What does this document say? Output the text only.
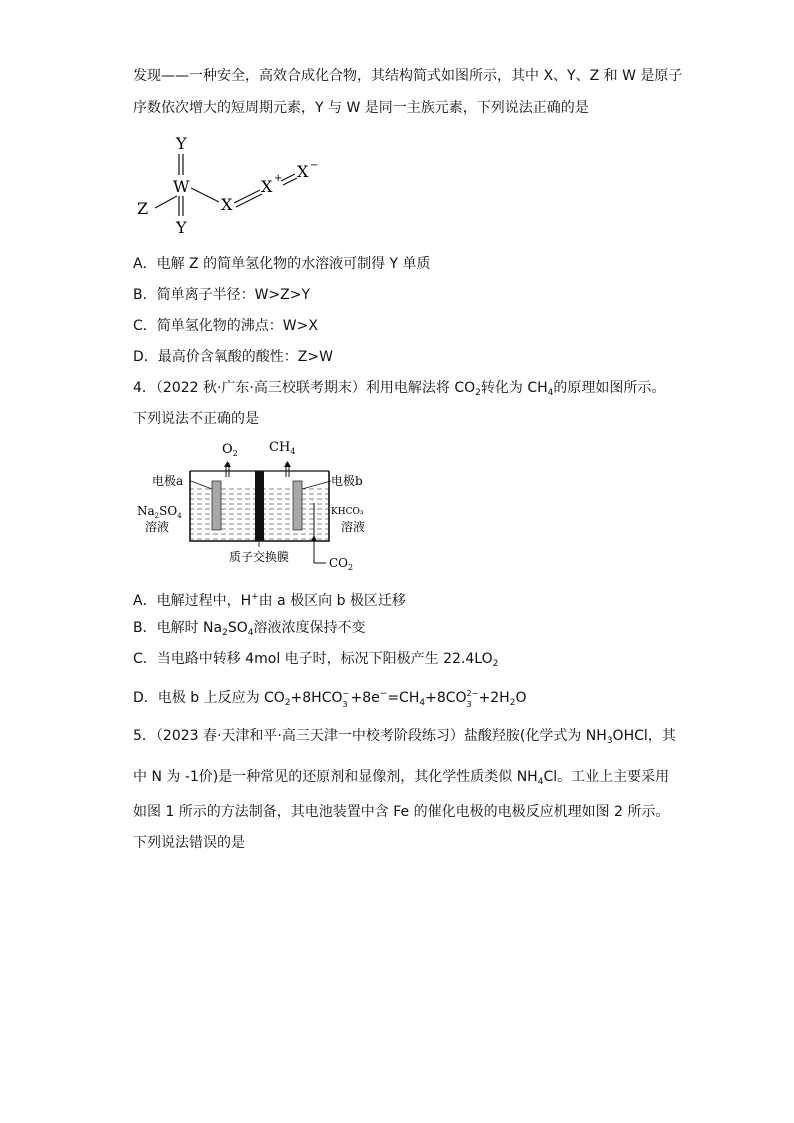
发现——一种安全，高效合成化合物，其结构简式如图所示，其中 X、Y、Z 和 W 是原子
序数依次增大的短周期元素，Y 与 W 是同一主族元素，下列说法正确的是
Y
W
Z
Y
X
X + X −
A．电解 Z 的简单氢化物的水溶液可制得 Y 单质
B．简单离子半径：W>Z>Y
C．简单氢化物的沸点：W>X
D．最高价含氧酸的酸性：Z>W
4．（2022 秋·广东·高三校联考期末）利用电解法将 $CO_2$转化为 $CH_4$的原理如图所示。
下列说法不正确的是
$O_2$ $CH_4$
电极a	电极b
$Na_2SO_4$
溶液
KHCO₃
溶液
质子交换膜	$CO_2$
A．电解过程中，H+由 a 极区向 b 极区迁移
B．电解时 $Na_2SO_4$溶液浓度保持不变
C．当电路中转移 4mol 电子时，标况下阳极产生 $22.4LO_2$
D．电极 b 上反应为 $CO_2+8HCO$ −
$3 +8e^-=CH_4+8CO$ 2−
$3 +2H_2O$
5．（2023 春·天津和平·高三天津一中校考阶段练习）盐酸羟胺(化学式为 $NH_3OHCl$，其
中 N 为 -1价)是一种常见的还原剂和显像剂，其化学性质类似 $NH_4Cl$。工业上主要采用
如图 1 所示的方法制备，其电池装置中含 Fe 的催化电极的电极反应机理如图 2 所示。
下列说法错误的是
